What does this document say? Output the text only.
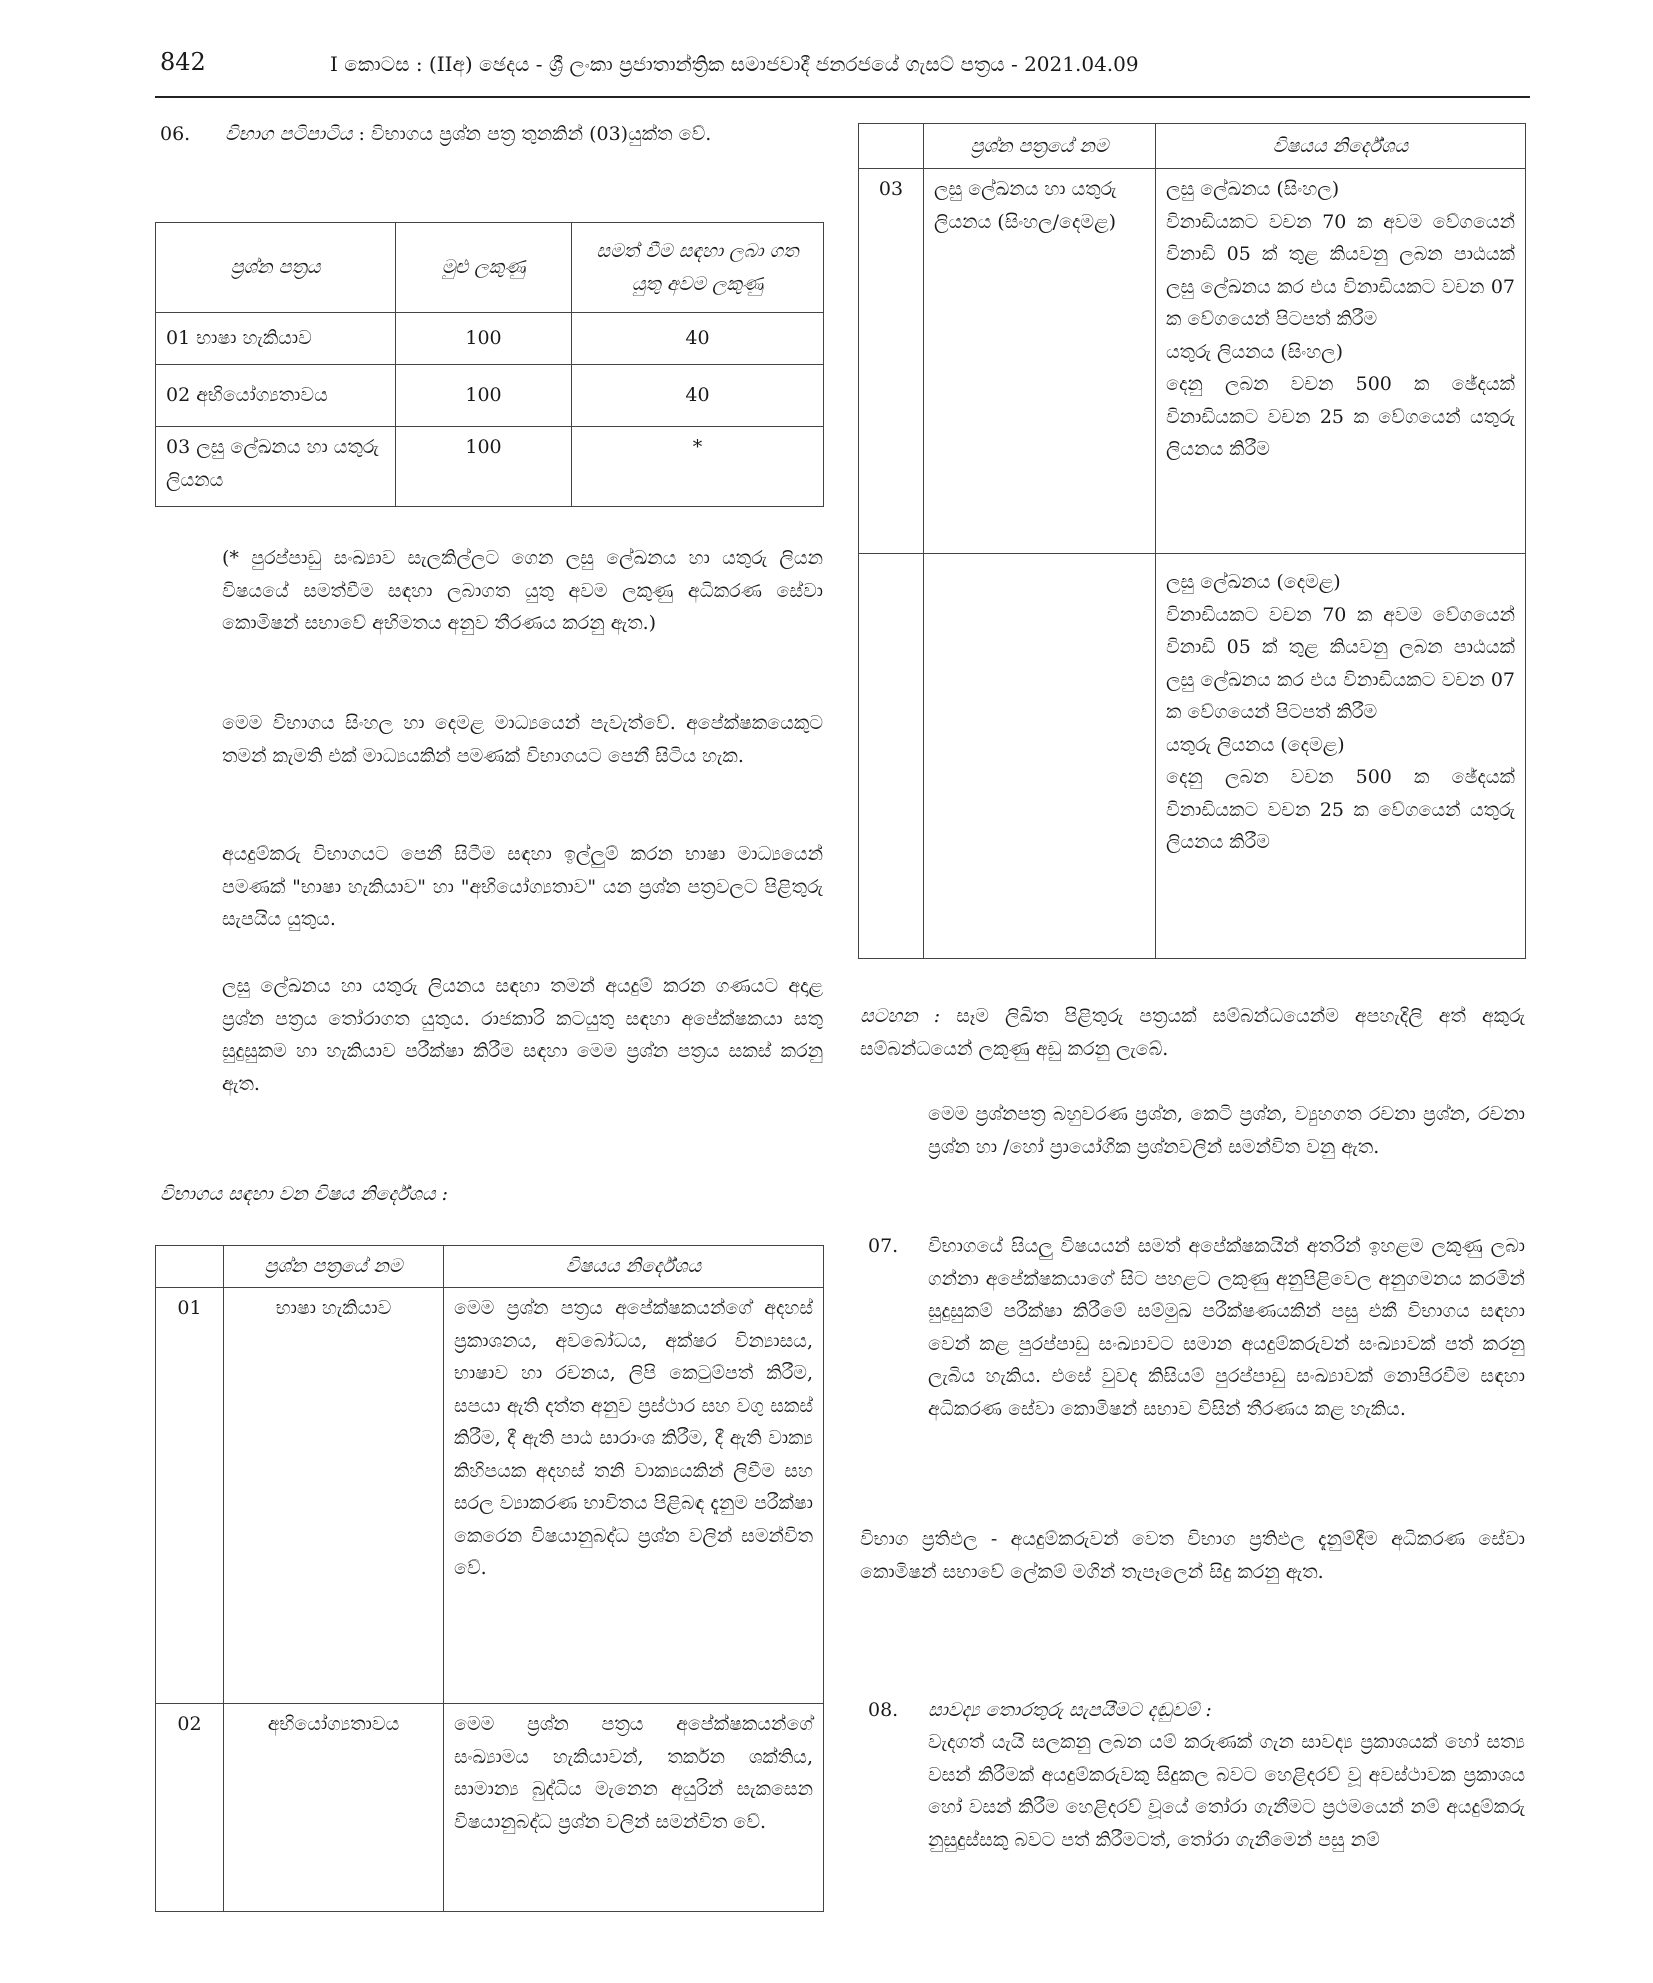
842	I කොටස : (IIඅ) ඡෙදය - ශ්‍රී ලංකා ප්‍රජාතාන්ත්‍රික සමාජවාදී ජනරජයේ ගැසට් පත්‍රය - 2021.04.09
06. විභාග පටිපාටිය : විභාගය ප්‍රශ්න පත්‍ර තුනකින් (03)යුක්ත වේ.
ප්‍රශ්න පත්‍රය	මුළු ලකුණු	සමත් වීම සඳහා ලබා ගත යුතු අවම ලකුණු
01 භාෂා හැකියාව	100	40
02 අභියෝග්‍යතාවය	100	40
03 ලසු ලේඛනය හා යතුරු ලියනය	100	*
(* පුරප්පාඩු සංඛ්‍යාව සැලකිල්ලට ගෙන ලසු ලේඛනය හා යතුරු ලියන විෂයයේ සමත්වීම සඳහා ලබාගත යුතු අවම ලකුණු අධිකරණ සේවා කොමිෂන් සභාවේ අභිමතය අනුව තීරණය කරනු ඇත.)
මෙම විභාගය සිංහල හා දෙමළ මාධ්‍යයෙන් පැවැත්වේ. අපේක්ෂකයෙකුට තමන් කැමති එක් මාධ්‍යයකින් පමණක් විභාගයට පෙනී සිටිය හැක.
අයදුම්කරු විභාගයට පෙනී සිටීම සඳහා ඉල්ලුම් කරන භාෂා මාධ්‍යයෙන් පමණක් "භාෂා හැකියාව" හා "අභියෝග්‍යතාව" යන ප්‍රශ්න පත්‍රවලට පිළිතුරු සැපයිය යුතුය.
ලසු ලේඛනය හා යතුරු ලියනය සඳහා තමන් අයදුම් කරන ගණයට අදාළ ප්‍රශ්න පත්‍රය තෝරාගත යුතුය. රාජකාරි කටයුතු සඳහා අපේක්ෂකයා සතු සුදුසුකම හා හැකියාව පරීක්ෂා කිරීම සඳහා මෙම ප්‍රශ්න පත්‍රය සකස් කරනු ඇත.
විභාගය සඳහා වන විෂය නිර්දේශය :
	ප්‍රශ්න පත්‍රයේ නම	විෂයය නිර්දේශය
01	භාෂා හැකියාව	මෙම ප්‍රශ්න පත්‍රය අපේක්ෂකයන්ගේ අදහස් ප්‍රකාශනය, අවබෝධය, අක්ෂර වින්‍යාසය, භාෂාව හා රචනය, ලිපි කෙටුම්පත් කිරීම, සපයා ඇති දත්ත අනුව ප්‍රස්ථාර සහ වගු සකස් කිරීම, දී ඇති පාඨ සාරාංශ කිරීම, දී ඇති වාක්‍ය කිහිපයක අදහස් තනි වාක්‍යයකින් ලිවීම සහ සරල ව්‍යාකරණ භාවිතය පිළිබඳ දැනුම පරීක්ෂා කෙරෙන විෂයානුබද්ධ ප්‍රශ්න වලින් සමන්විත වේ.
02	අභියෝග්‍යතාවය	මෙම ප්‍රශ්න පත්‍රය අපේක්ෂකයන්ගේ සංඛ්‍යාමය හැකියාවන්, තර්කන ශක්තිය, සාමාන්‍ය බුද්ධිය මැනෙන අයුරින් සැකසෙන විෂයානුබද්ධ ප්‍රශ්න වලින් සමන්විත වේ.
	ප්‍රශ්න පත්‍රයේ නම	විෂයය නිර්දේශය
03	ලසු ලේඛනය හා යතුරු ලියනය (සිංහල/දෙමළ)	ලසු ලේඛනය (සිංහල)
විනාඩියකට වචන 70 ක අවම වේගයෙන් විනාඩි 05 ක් තුළ කියවනු ලබන පාඨයක් ලසු ලේඛනය කර එය විනාඩියකට වචන 07 ක වේගයෙන් පිටපත් කිරීම
යතුරු ලියනය (සිංහල)
දෙනු ලබන වචන 500 ක ඡේදයක් විනාඩියකට වචන 25 ක වේගයෙන් යතුරු ලියනය කිරීම

		ලසු ලේඛනය (දෙමළ)
විනාඩියකට වචන 70 ක අවම වේගයෙන් විනාඩි 05 ක් තුළ කියවනු ලබන පාඨයක් ලසු ලේඛනය කර එය විනාඩියකට වචන 07 ක වේගයෙන් පිටපත් කිරීම
යතුරු ලියනය (දෙමළ)
දෙනු ලබන වචන 500 ක ඡේදයක් විනාඩියකට වචන 25 ක වේගයෙන් යතුරු ලියනය කිරීම
සටහන : සෑම ලිඛිත පිළිතුරු පත්‍රයක් සම්බන්ධයෙන්ම අපහැදිලි අත් අකුරු සම්බන්ධයෙන් ලකුණු අඩු කරනු ලැබේ.
මෙම ප්‍රශ්නපත්‍ර බහුවරණ ප්‍රශ්න, කෙටි ප්‍රශ්න, ව්‍යුහගත රචනා ප්‍රශ්න, රචනා ප්‍රශ්න හා /හෝ ප්‍රායෝගික ප්‍රශ්නවලින් සමන්විත වනු ඇත.
07. විභාගයේ සියලු විෂයයන් සමත් අපේක්ෂකයින් අතරින් ඉහළම ලකුණු ලබා ගන්නා අපේක්ෂකයාගේ සිට පහළට ලකුණු අනුපිළිවෙල අනුගමනය කරමින් සුදුසුකම් පරීක්ෂා කිරීමේ සම්මුඛ පරීක්ෂණයකින් පසු එකී විභාගය සඳහා වෙන් කළ පුරප්පාඩු සංඛ්‍යාවට සමාන අයදුම්කරුවන් සංඛ්‍යාවක් පත් කරනු ලැබිය හැකිය. එසේ වුවද කිසියම් පුරප්පාඩු සංඛ්‍යාවක් නොපිරවීම සඳහා අධිකරණ සේවා කොමිෂන් සභාව විසින් තීරණය කළ හැකිය.
විභාග ප්‍රතිඵල - අයදුම්කරුවන් වෙත විභාග ප්‍රතිඵල දැනුම්දීම අධිකරණ සේවා කොමිෂන් සභාවේ ලේකම් මගින් තැපෑලෙන් සිදු කරනු ඇත.
08. සාවද්‍ය තොරතුරු සැපයීමට දඬුවම් :
වැදගත් යැයි සලකනු ලබන යම් කරුණක් ගැන සාවද්‍ය ප්‍රකාශයක් හෝ සත්‍ය වසන් කිරීමක් අයදුම්කරුවකු සිදුකල බවට හෙළිදරව් වූ අවස්ථාවක ප්‍රකාශය හෝ වසන් කිරීම හෙළිදරව් වූයේ තෝරා ගැනීමට ප්‍රථමයෙන් නම් අයදුම්කරු නුසුදුස්සකු බවට පත් කිරීමටත්, තෝරා ගැනීමෙන් පසු නම්
